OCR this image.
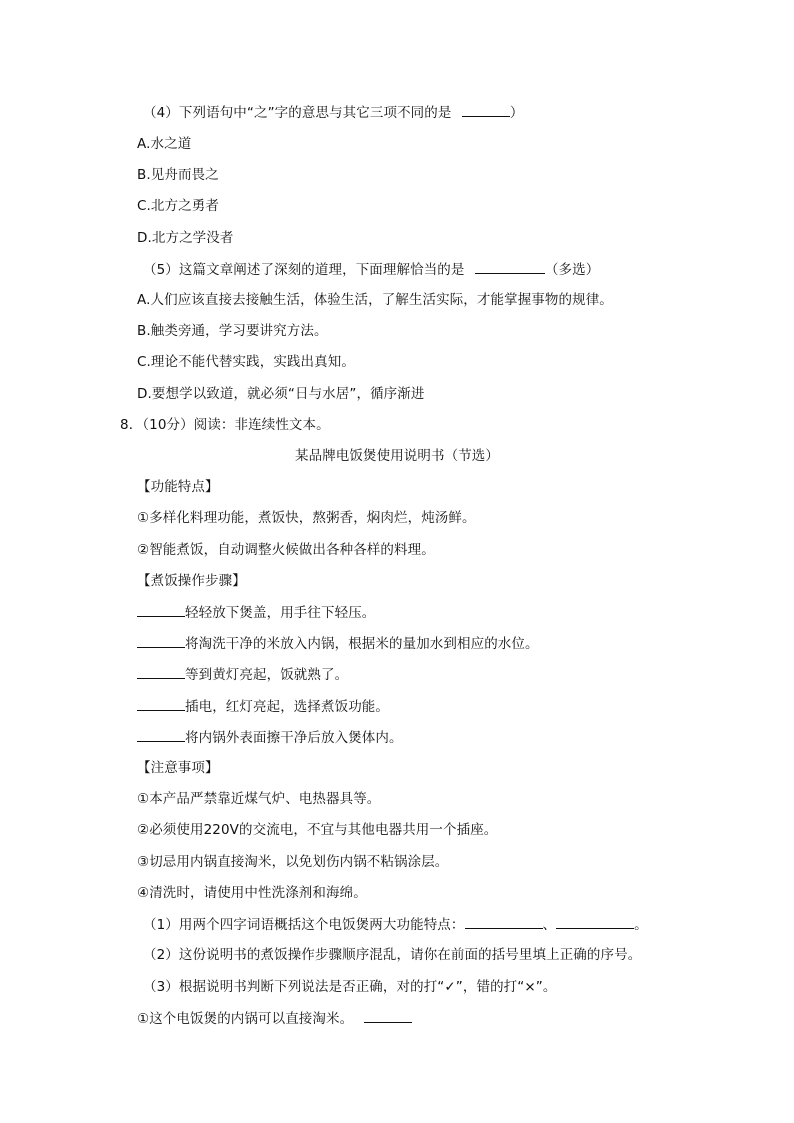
（4）下列语句中“之”字的意思与其它三项不同的是	）
A.水之道
B.见舟而畏之
C.北方之勇者
D.北方之学没者
（5）这篇文章阐述了深刻的道理，下面理解恰当的是	（多选）
A.人们应该直接去接触生活，体验生活，了解生活实际，才能掌握事物的规律。
B.触类旁通，学习要讲究方法。
C.理论不能代替实践，实践出真知。
D.要想学以致道，就必须“日与水居”，循序渐进
8．（10分）阅读：非连续性文本。
某品牌电饭煲使用说明书（节选）
【功能特点】
①多样化料理功能，煮饭快，熬粥香，焖肉烂，炖汤鲜。
②智能煮饭，自动调整火候做出各种各样的料理。
【煮饭操作步骤】
轻轻放下煲盖，用手往下轻压。
将淘洗干净的米放入内锅，根据米的量加水到相应的水位。
等到黄灯亮起，饭就熟了。
插电，红灯亮起，选择煮饭功能。
将内锅外表面擦干净后放入煲体内。
【注意事项】
①本产品严禁靠近煤气炉、电热器具等。
②必须使用220V的交流电，不宜与其他电器共用一个插座。
③切忌用内锅直接淘米，以免划伤内锅不粘锅涂层。
④清洗时，请使用中性洗涤剂和海绵。
（1）用两个四字词语概括这个电饭煲两大功能特点：	、	。
（2）这份说明书的煮饭操作步骤顺序混乱，请你在前面的括号里填上正确的序号。
（3）根据说明书判断下列说法是否正确，对的打“✓”，错的打“×”。
①这个电饭煲的内锅可以直接淘米。
